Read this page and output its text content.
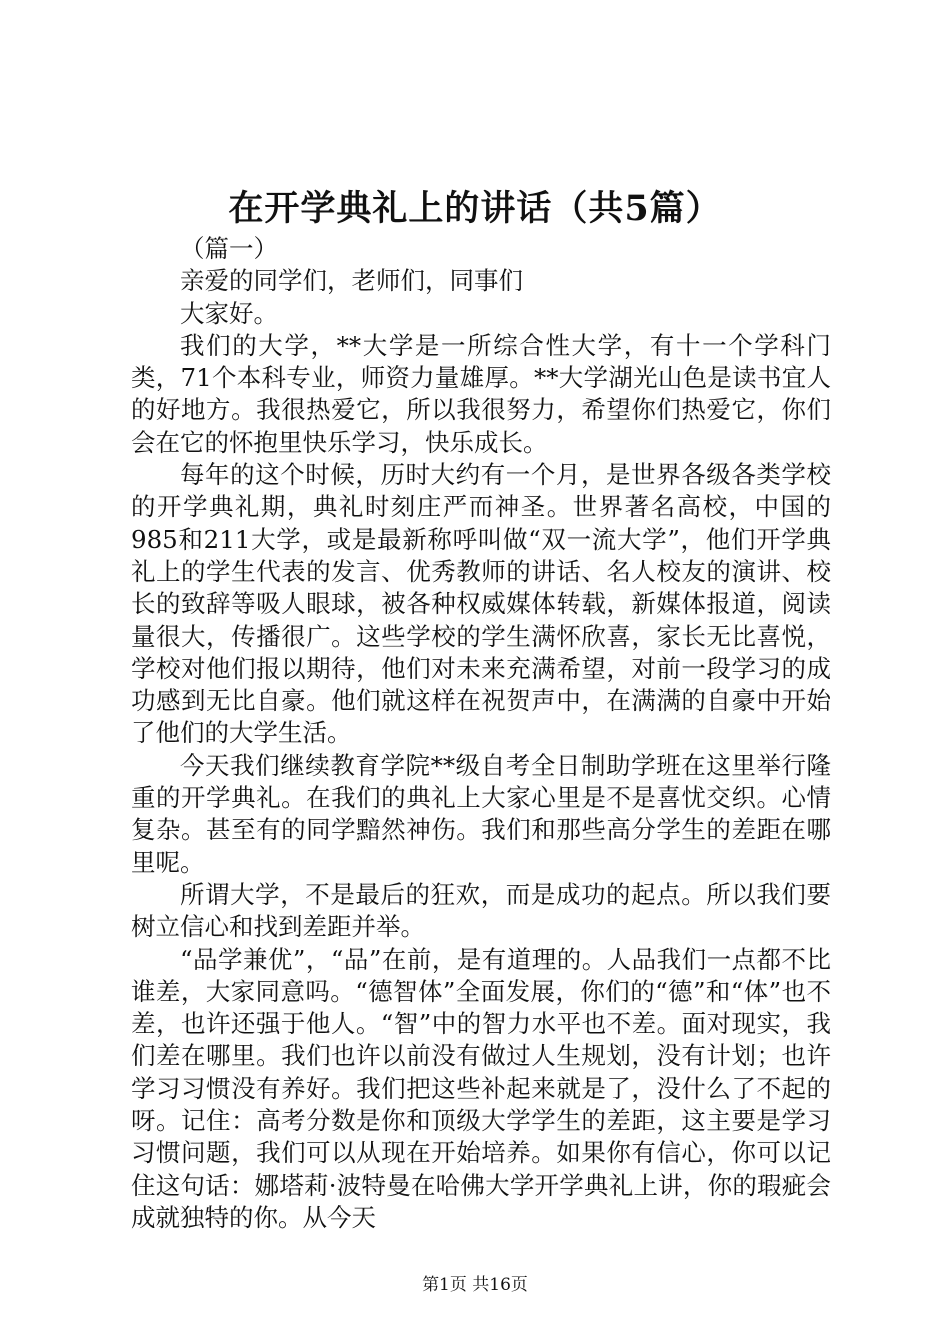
在开学典礼上的讲话（共5篇）

（篇一）

亲爱的同学们，老师们，同事们

大家好。

我们的大学，**大学是一所综合性大学，有十一个学科门类，71个本科专业，师资力量雄厚。**大学湖光山色是读书宜人的好地方。我很热爱它，所以我很努力，希望你们热爱它，你们会在它的怀抱里快乐学习，快乐成长。

每年的这个时候，历时大约有一个月，是世界各级各类学校的开学典礼期，典礼时刻庄严而神圣。世界著名高校，中国的985和211大学，或是最新称呼叫做“双一流大学”，他们开学典礼上的学生代表的发言、优秀教师的讲话、名人校友的演讲、校长的致辞等吸人眼球，被各种权威媒体转载，新媒体报道，阅读量很大，传播很广。这些学校的学生满怀欣喜，家长无比喜悦，学校对他们报以期待，他们对未来充满希望，对前一段学习的成功感到无比自豪。他们就这样在祝贺声中，在满满的自豪中开始了他们的大学生活。

今天我们继续教育学院**级自考全日制助学班在这里举行隆重的开学典礼。在我们的典礼上大家心里是不是喜忧交织。心情复杂。甚至有的同学黯然神伤。我们和那些高分学生的差距在哪里呢。

所谓大学，不是最后的狂欢，而是成功的起点。所以我们要树立信心和找到差距并举。

“品学兼优”，“品”在前，是有道理的。人品我们一点都不比谁差，大家同意吗。“德智体”全面发展，你们的“德”和“体”也不差，也许还强于他人。“智”中的智力水平也不差。面对现实，我们差在哪里。我们也许以前没有做过人生规划，没有计划；也许学习习惯没有养好。我们把这些补起来就是了，没什么了不起的呀。记住：高考分数是你和顶级大学学生的差距，这主要是学习习惯问题，我们可以从现在开始培养。如果你有信心，你可以记住这句话：娜塔莉·波特曼在哈佛大学开学典礼上讲，你的瑕疵会成就独特的你。从今天

第1页 共16页
